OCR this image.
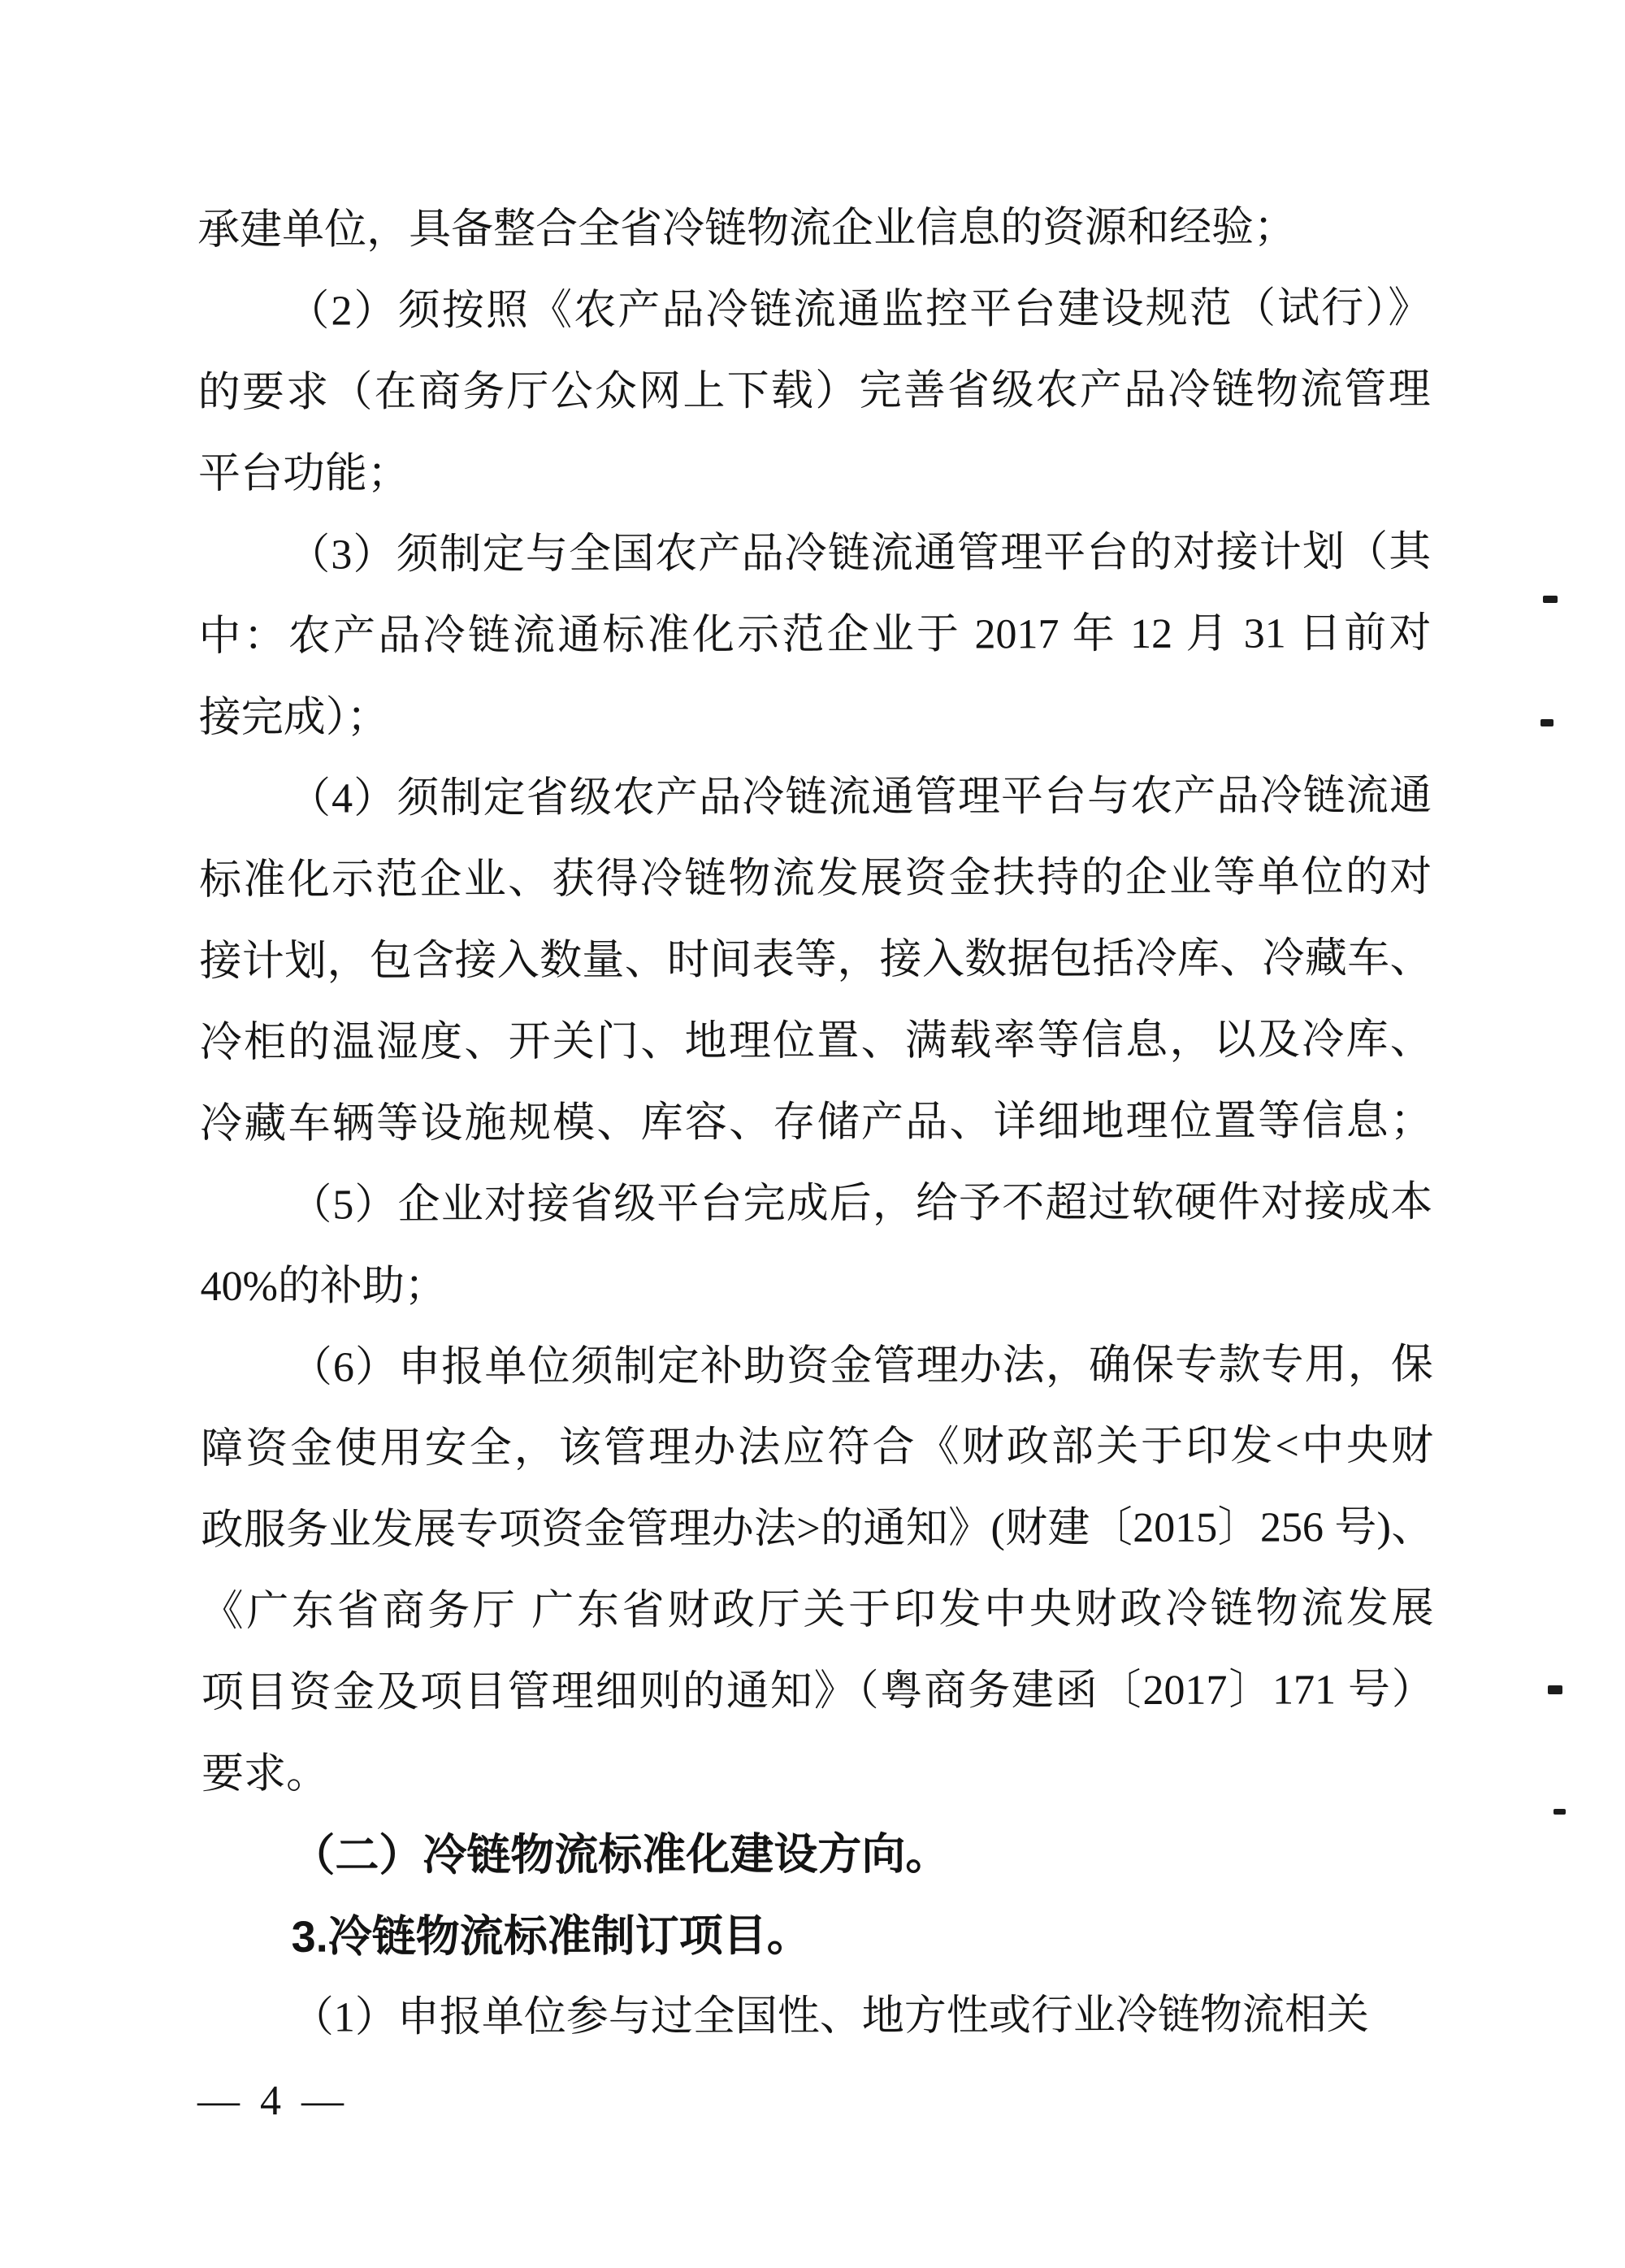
承建单位，具备整合全省冷链物流企业信息的资源和经验；
（2）须按照《农产品冷链流通监控平台建设规范（试行）》
的要求（在商务厅公众网上下载）完善省级农产品冷链物流管理
平台功能；
（3）须制定与全国农产品冷链流通管理平台的对接计划（其
中：农产品冷链流通标准化示范企业于 2017 年 12 月 31 日前对
接完成）；
（4）须制定省级农产品冷链流通管理平台与农产品冷链流通
标准化示范企业、获得冷链物流发展资金扶持的企业等单位的对
接计划，包含接入数量、时间表等，接入数据包括冷库、冷藏车、
冷柜的温湿度、开关门、地理位置、满载率等信息，以及冷库、
冷藏车辆等设施规模、库容、存储产品、详细地理位置等信息；
（5）企业对接省级平台完成后，给予不超过软硬件对接成本
40%的补助；
（6）申报单位须制定补助资金管理办法，确保专款专用，保
障资金使用安全，该管理办法应符合《财政部关于印发<中央财
政服务业发展专项资金管理办法>的通知》(财建〔2015〕256 号)、
《广东省商务厅 广东省财政厅关于印发中央财政冷链物流发展
项目资金及项目管理细则的通知》（粤商务建函〔2017〕171 号）
要求。
（二）冷链物流标准化建设方向。
3.冷链物流标准制订项目。
（1）申报单位参与过全国性、地方性或行业冷链物流相关
— 4 —
